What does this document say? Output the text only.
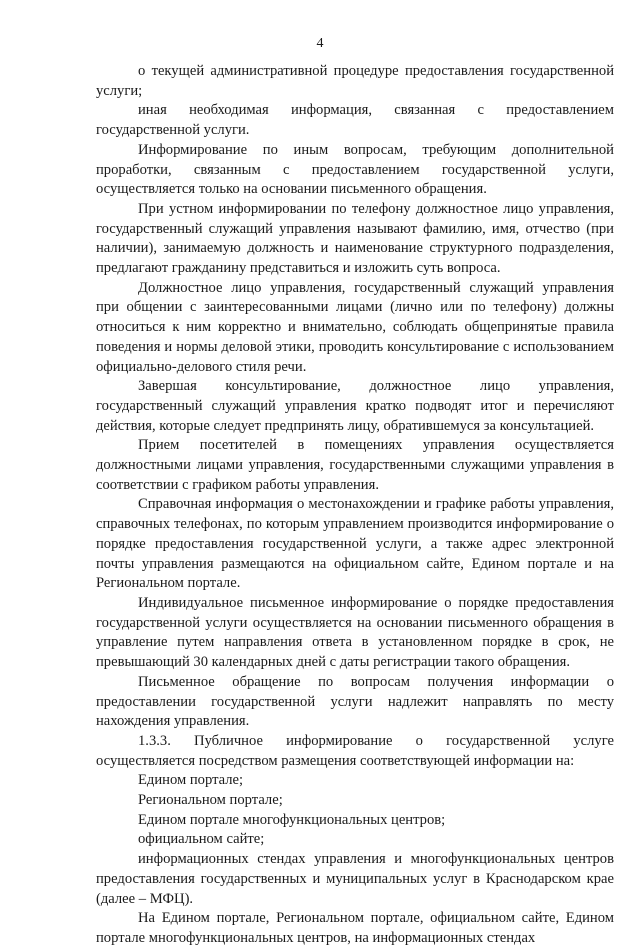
4

о текущей административной процедуре предоставления государственной услуги;

иная необходимая информация, связанная с предоставлением государственной услуги.

Информирование по иным вопросам, требующим дополнительной проработки, связанным с предоставлением государственной услуги, осуществляется только на основании письменного обращения.

При устном информировании по телефону должностное лицо управления, государственный служащий управления называют фамилию, имя, отчество (при наличии), занимаемую должность и наименование структурного подразделения, предлагают гражданину представиться и изложить суть вопроса.

Должностное лицо управления, государственный служащий управления при общении с заинтересованными лицами (лично или по телефону) должны относиться к ним корректно и внимательно, соблюдать общепринятые правила поведения и нормы деловой этики, проводить консультирование с использованием официально-делового стиля речи.

Завершая консультирование, должностное лицо управления, государственный служащий управления кратко подводят итог и перечисляют действия, которые следует предпринять лицу, обратившемуся за консультацией.

Прием посетителей в помещениях управления осуществляется должностными лицами управления, государственными служащими управления в соответствии с графиком работы управления.

Справочная информация о местонахождении и графике работы управления, справочных телефонах, по которым управлением производится информирование о порядке предоставления государственной услуги, а также адрес электронной почты управления размещаются на официальном сайте, Едином портале и на Региональном портале.

Индивидуальное письменное информирование о порядке предоставления государственной услуги осуществляется на основании письменного обращения в управление путем направления ответа в установленном порядке в срок, не превышающий 30 календарных дней с даты регистрации такого обращения.

Письменное обращение по вопросам получения информации о предоставлении государственной услуги надлежит направлять по месту нахождения управления.

1.3.3. Публичное информирование о государственной услуге осуществляется посредством размещения соответствующей информации на:

Едином портале;

Региональном портале;

Едином портале многофункциональных центров;

официальном сайте;

информационных стендах управления и многофункциональных центров предоставления государственных и муниципальных услуг в Краснодарском крае (далее – МФЦ).

На Едином портале, Региональном портале, официальном сайте, Едином портале многофункциональных центров, на информационных стендах
